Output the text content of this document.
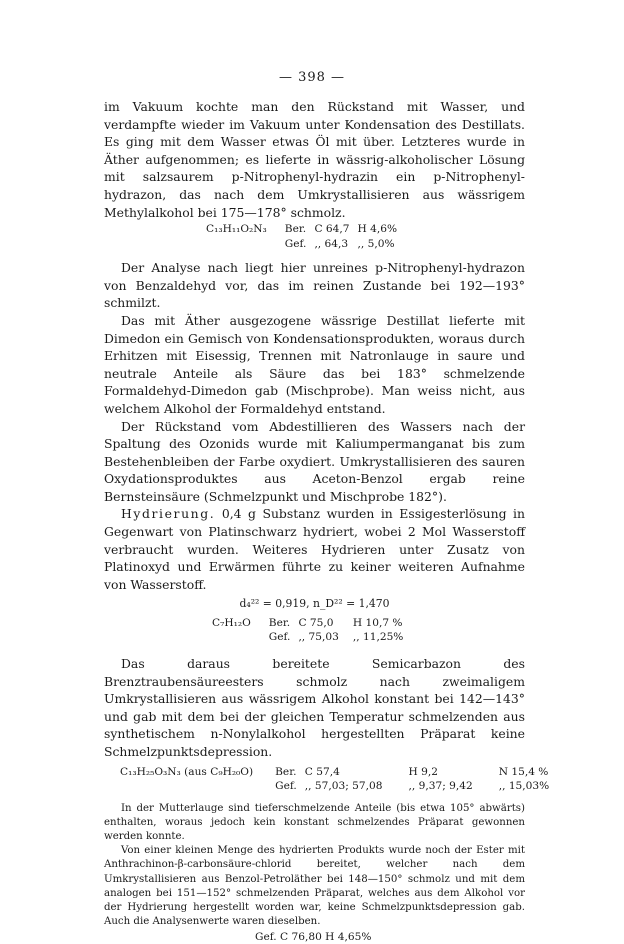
— 398 —

im Vakuum kochte man den Rückstand mit Wasser, und verdampfte wieder im Vakuum unter Kondensation des Destillats. Es ging mit dem Wasser etwas Öl mit über. Letzteres wurde in Äther aufgenommen; es lieferte in wässrig-alkoholischer Lösung mit salzsaurem p-Nitrophenyl-hydrazin ein p-Nitrophenyl-hydrazon, das nach dem Umkrystallisieren aus wässrigem Methylalkohol bei 175—178° schmolz.

C₁₃H₁₁O₂N₃	Ber.	C 64,7	H 4,6%
	Gef.	,, 64,3	,, 5,0%

Der Analyse nach liegt hier unreines p-Nitrophenyl-hydrazon von Benzaldehyd vor, das im reinen Zustande bei 192—193° schmilzt.

Das mit Äther ausgezogene wässrige Destillat lieferte mit Dimedon ein Gemisch von Kondensationsprodukten, woraus durch Erhitzen mit Eisessig, Trennen mit Natronlauge in saure und neutrale Anteile als Säure das bei 183° schmelzende Formaldehyd-Dimedon gab (Mischprobe). Man weiss nicht, aus welchem Alkohol der Formaldehyd entstand.

Der Rückstand vom Abdestillieren des Wassers nach der Spaltung des Ozonids wurde mit Kaliumpermanganat bis zum Bestehenbleiben der Farbe oxydiert. Umkrystallisieren des sauren Oxydationsproduktes aus Aceton-Benzol ergab reine Bernsteinsäure (Schmelzpunkt und Mischprobe 182°).

Hydrierung. 0,4 g Substanz wurden in Essigesterlösung in Gegenwart von Platinschwarz hydriert, wobei 2 Mol Wasserstoff verbraucht wurden. Weiteres Hydrieren unter Zusatz von Platinoxyd und Erwärmen führte zu keiner weiteren Aufnahme von Wasserstoff.

d₄²² = 0,919, n_D²² = 1,470
C₇H₁₂O	Ber.	C 75,0	H 10,7 %
	Gef.	,, 75,03	,, 11,25%

Das daraus bereitete Semicarbazon des Brenztraubensäureesters schmolz nach zweimaligem Umkrystallisieren aus wässrigem Alkohol konstant bei 142—143° und gab mit dem bei der gleichen Temperatur schmelzenden aus synthetischem n-Nonylalkohol hergestellten Präparat keine Schmelzpunktsdepression.

C₁₃H₂₅O₃N₃ (aus C₉H₂₀O)	Ber.	C 57,4	H 9,2	N 15,4 %
	Gef.	,, 57,03; 57,08	,, 9,37; 9,42	,, 15,03%

In der Mutterlauge sind tieferschmelzende Anteile (bis etwa 105° abwärts) enthalten, woraus jedoch kein konstant schmelzendes Präparat gewonnen werden konnte.

Von einer kleinen Menge des hydrierten Produkts wurde noch der Ester mit Anthrachinon-β-carbonsäure-chlorid bereitet, welcher nach dem Umkrystallisieren aus Benzol-Petroläther bei 148—150° schmolz und mit dem analogen bei 151—152° schmelzenden Präparat, welches aus dem Alkohol vor der Hydrierung hergestellt worden war, keine Schmelzpunktsdepression gab. Auch die Analysenwerte waren dieselben.

Gef. C 76,80 H 4,65%
